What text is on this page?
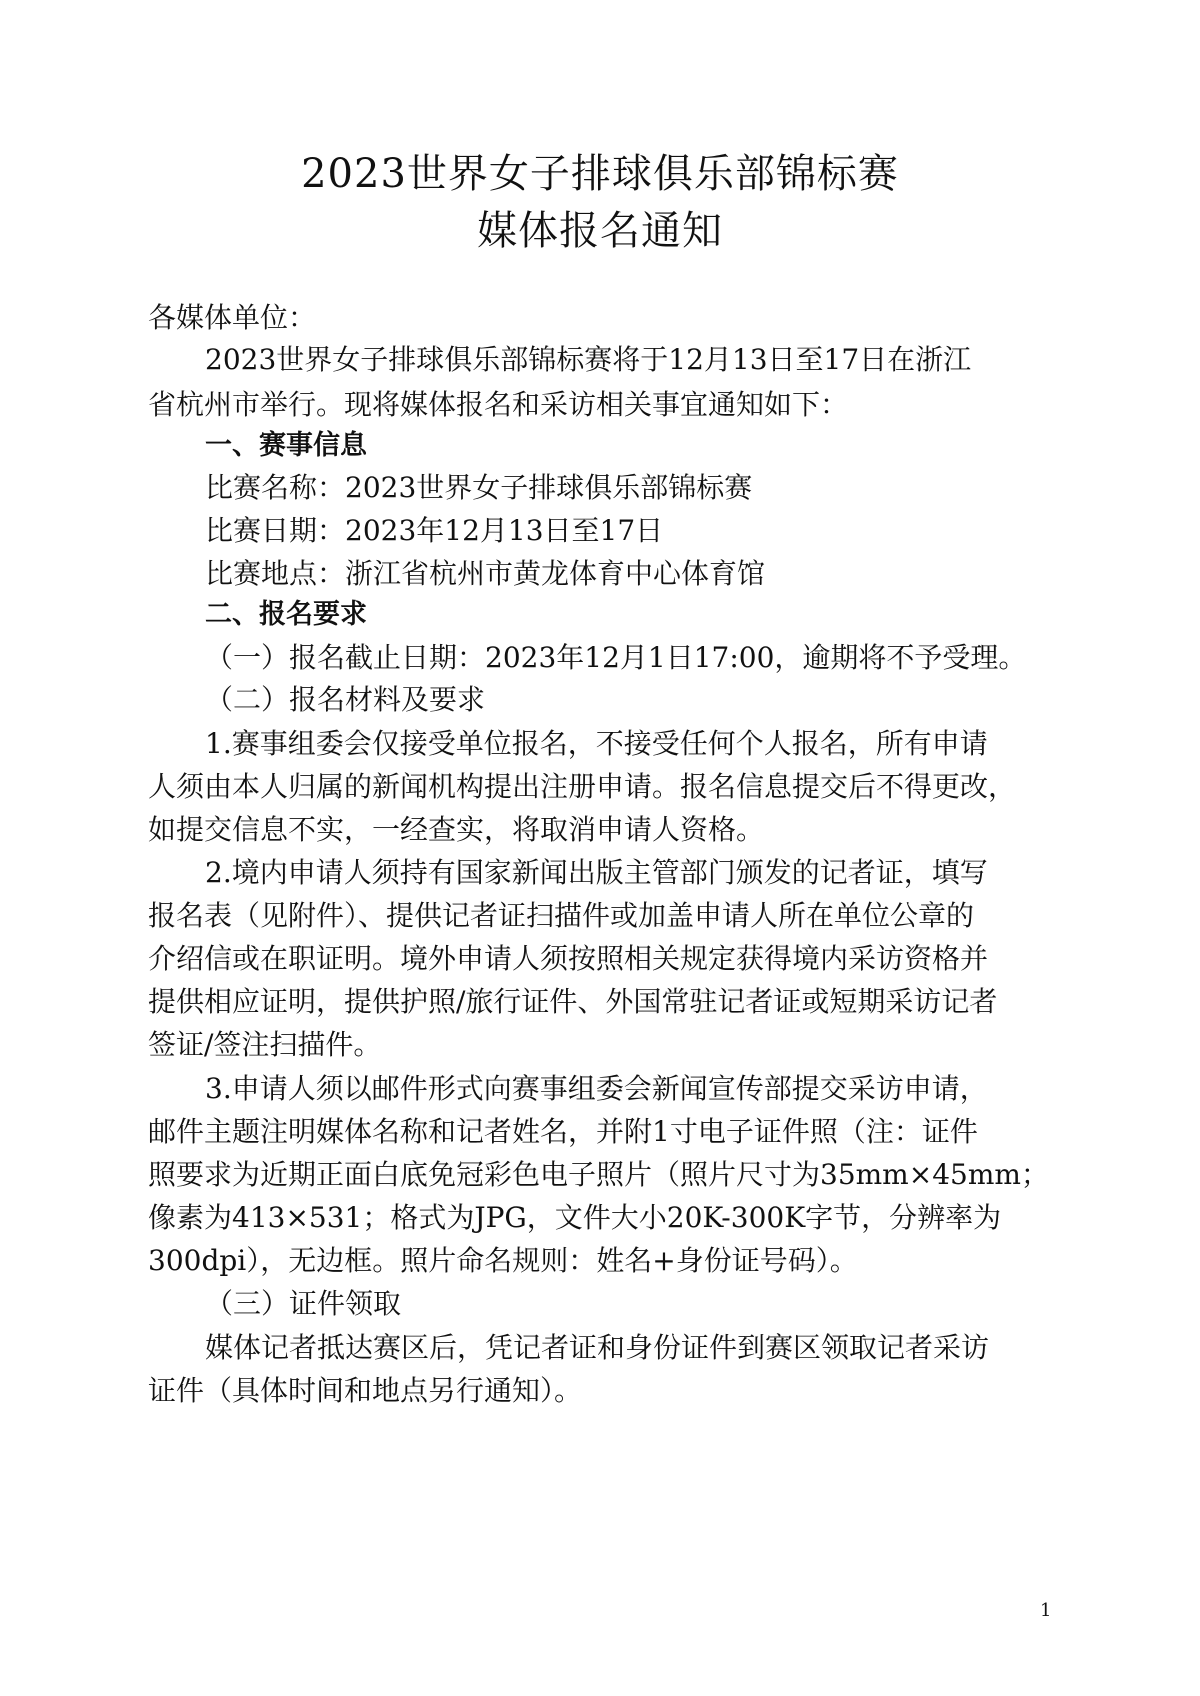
2023世界女子排球俱乐部锦标赛
媒体报名通知
各媒体单位：
2023世界女子排球俱乐部锦标赛将于12月13日至17日在浙江
省杭州市举行。现将媒体报名和采访相关事宜通知如下：
一、赛事信息
比赛名称：2023世界女子排球俱乐部锦标赛
比赛日期：2023年12月13日至17日
比赛地点：浙江省杭州市黄龙体育中心体育馆
二、报名要求
（一）报名截止日期：2023年12月1日17:00，逾期将不予受理。
（二）报名材料及要求
1.赛事组委会仅接受单位报名，不接受任何个人报名，所有申请
人须由本人归属的新闻机构提出注册申请。报名信息提交后不得更改，
如提交信息不实，一经查实，将取消申请人资格。
2.境内申请人须持有国家新闻出版主管部门颁发的记者证，填写
报名表（见附件）、提供记者证扫描件或加盖申请人所在单位公章的
介绍信或在职证明。境外申请人须按照相关规定获得境内采访资格并
提供相应证明，提供护照/旅行证件、外国常驻记者证或短期采访记者
签证/签注扫描件。
3.申请人须以邮件形式向赛事组委会新闻宣传部提交采访申请，
邮件主题注明媒体名称和记者姓名，并附1寸电子证件照（注：证件
照要求为近期正面白底免冠彩色电子照片（照片尺寸为35mm×45mm；
像素为413×531；格式为JPG，文件大小20K-300K字节，分辨率为
300dpi），无边框。照片命名规则：姓名+身份证号码）。
（三）证件领取
媒体记者抵达赛区后，凭记者证和身份证件到赛区领取记者采访
证件（具体时间和地点另行通知）。
1
